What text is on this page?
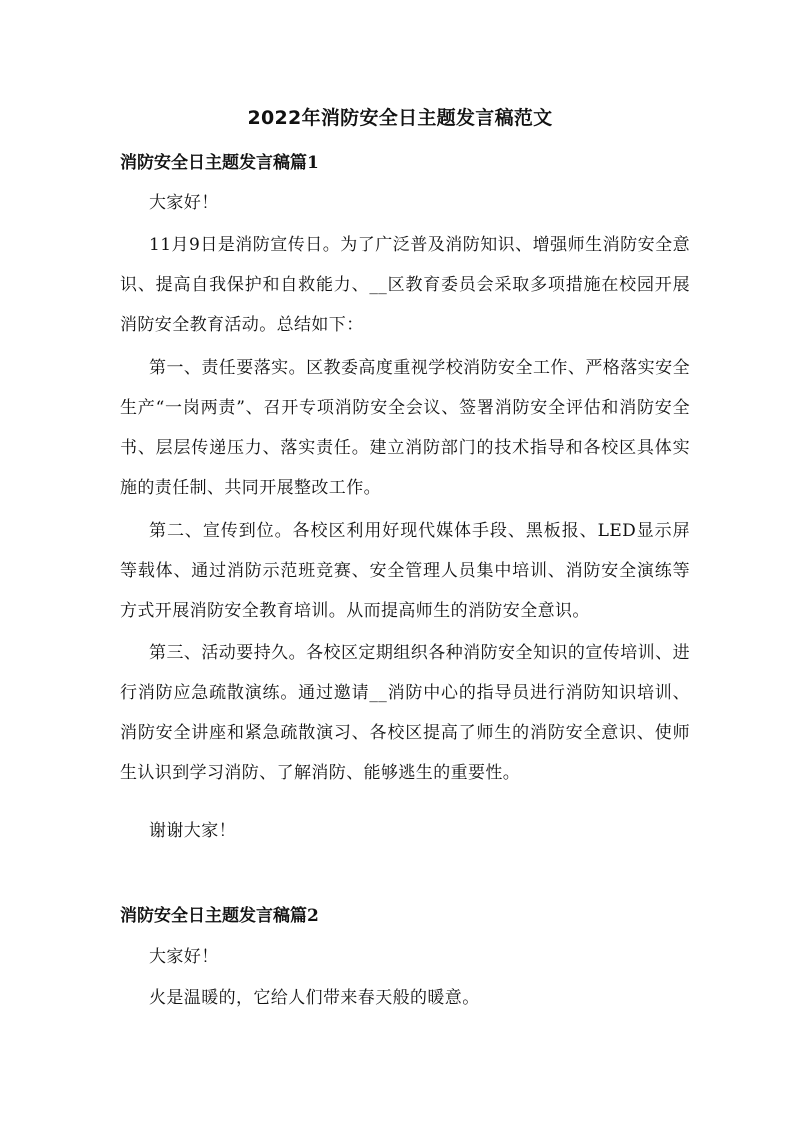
2022年消防安全日主题发言稿范文
消防安全日主题发言稿篇1

大家好！

11月9日是消防宣传日。为了广泛普及消防知识、增强师生消防安全意识、提高自我保护和自救能力、__区教育委员会采取多项措施在校园开展消防安全教育活动。总结如下：

第一、责任要落实。区教委高度重视学校消防安全工作、严格落实安全生产“一岗两责”、召开专项消防安全会议、签署消防安全评估和消防安全书、层层传递压力、落实责任。建立消防部门的技术指导和各校区具体实施的责任制、共同开展整改工作。

第二、宣传到位。各校区利用好现代媒体手段、黑板报、LED显示屏等载体、通过消防示范班竞赛、安全管理人员集中培训、消防安全演练等方式开展消防安全教育培训。从而提高师生的消防安全意识。

第三、活动要持久。各校区定期组织各种消防安全知识的宣传培训、进行消防应急疏散演练。通过邀请__消防中心的指导员进行消防知识培训、消防安全讲座和紧急疏散演习、各校区提高了师生的消防安全意识、使师生认识到学习消防、了解消防、能够逃生的重要性。

谢谢大家！

消防安全日主题发言稿篇2

大家好！

火是温暖的，它给人们带来春天般的暖意。
